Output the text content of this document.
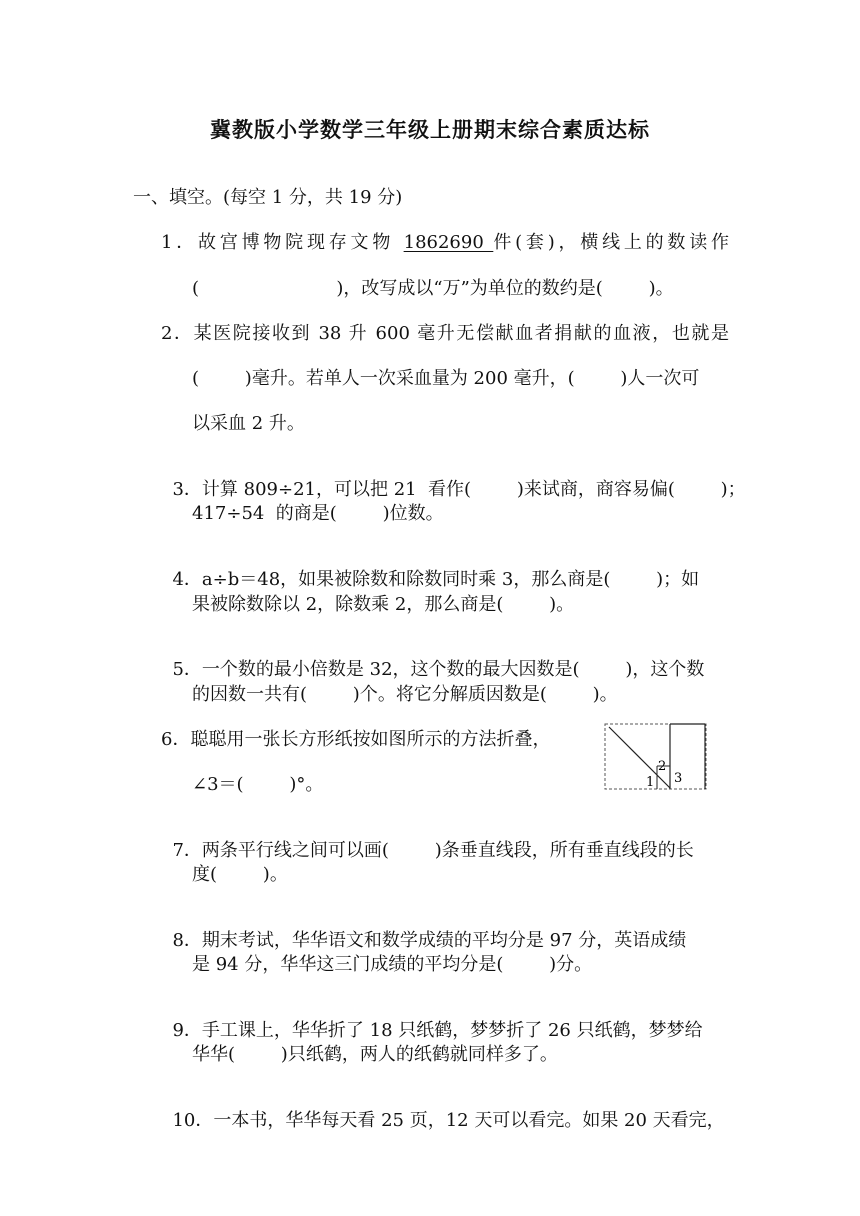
冀教版小学数学三年级上册期末综合素质达标
一、填空。(每空 1 分，共 19 分)
1．故宫博物院现存文物 1862690 件(套)，横线上的数读作
(                        )，改写成以“万”为单位的数约是(        )。
2．某医院接收到 38 升 600 毫升无偿献血者捐献的血液，也就是
(        )毫升。若单人一次采血量为 200 毫升，(        )人一次可
以采血 2 升。

3．计算 809÷21，可以把 21  看作(        )来试商，商容易偏(        )；

417÷54  的商是(        )位数。

4．a÷b＝48，如果被除数和除数同时乘 3，那么商是(        )；如

果被除数除以 2，除数乘 2，那么商是(        )。

5．一个数的最小倍数是 32，这个数的最大因数是(        )，这个数

的因数一共有(        )个。将它分解质因数是(        )。
6．聪聪用一张长方形纸按如图所示的方法折叠，
∠3＝(        )°。	1
2
3

7．两条平行线之间可以画(        )条垂直线段，所有垂直线段的长

度(        )。

8．期末考试，华华语文和数学成绩的平均分是 97 分，英语成绩

是 94 分，华华这三门成绩的平均分是(        )分。

9．手工课上，华华折了 18 只纸鹤，梦梦折了 26 只纸鹤，梦梦给

华华(        )只纸鹤，两人的纸鹤就同样多了。

10．一本书，华华每天看 25 页，12 天可以看完。如果 20 天看完，
